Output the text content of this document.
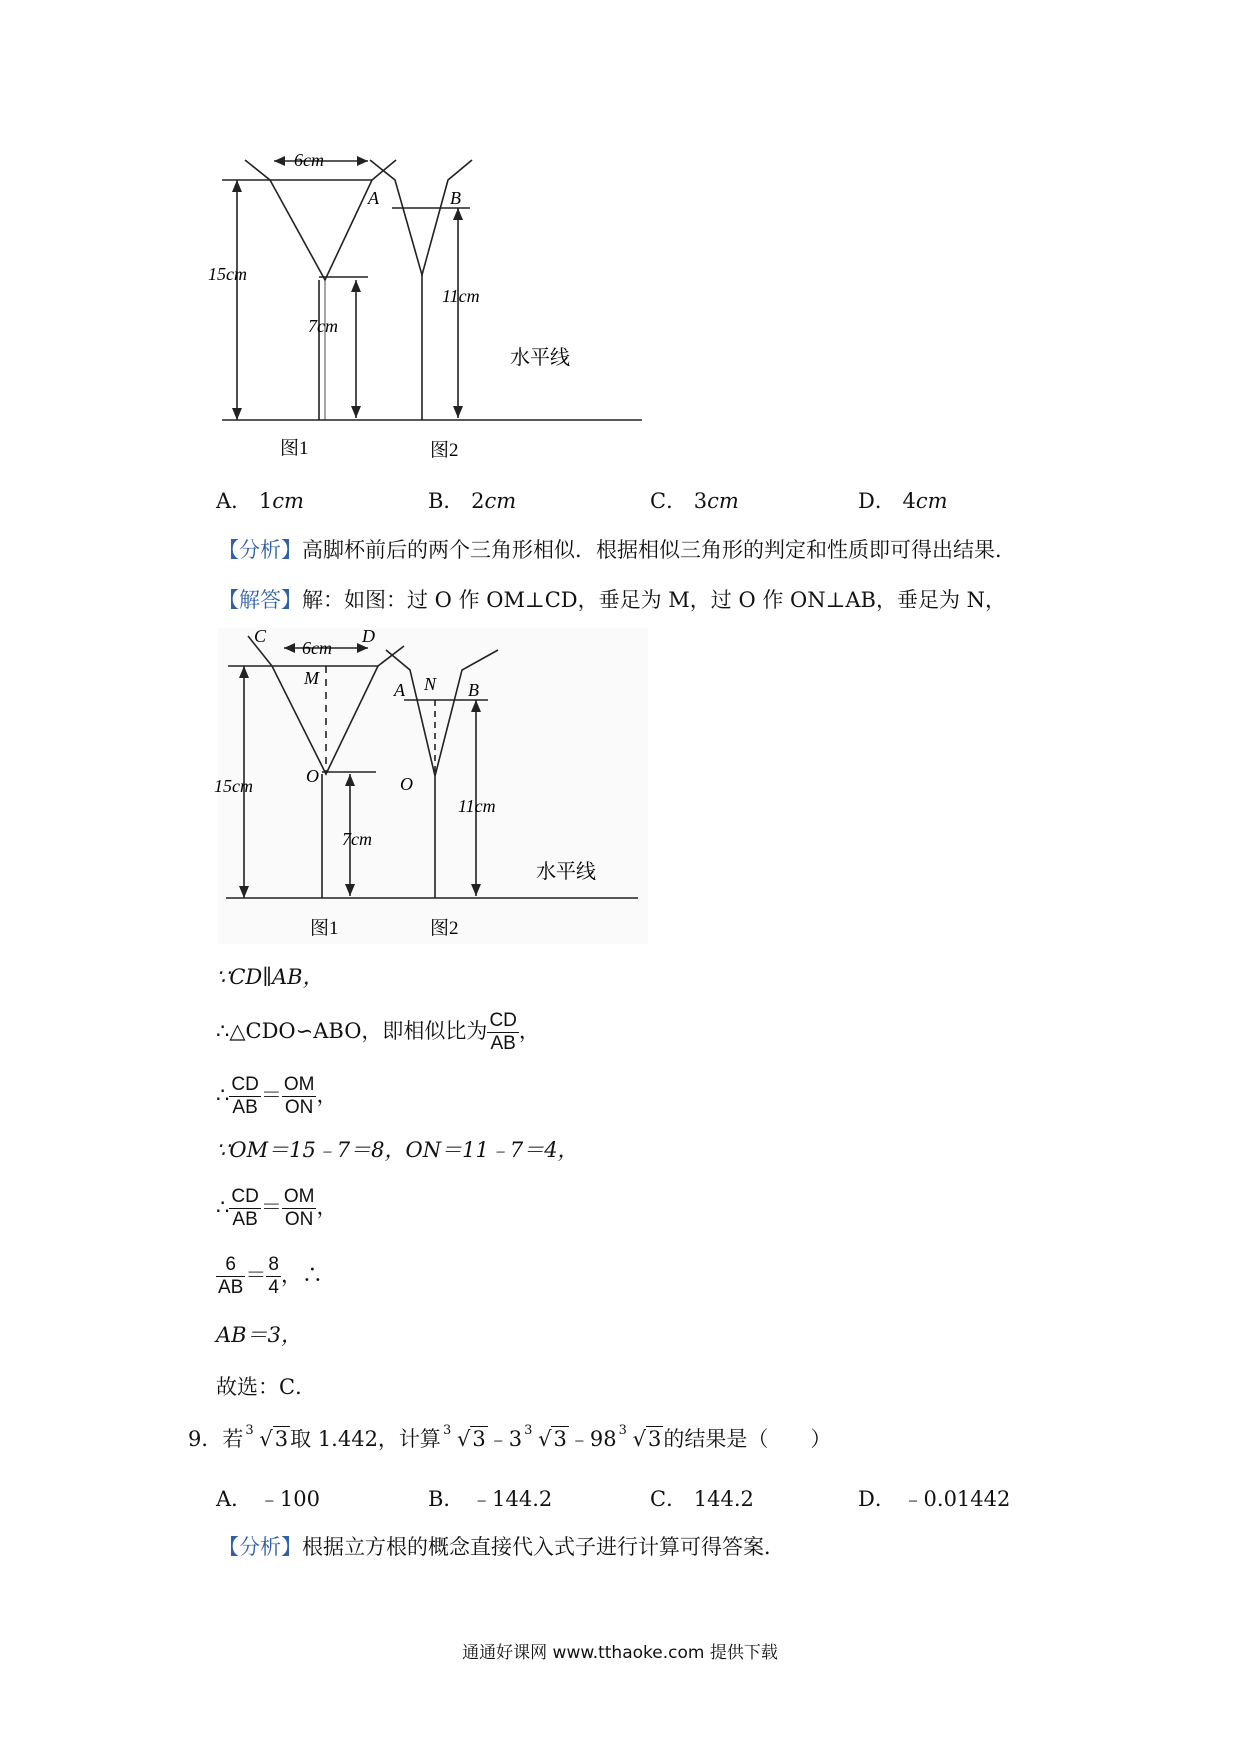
6cm
15cm
7cm
A	B
11cm
水平线
图1	图2
A． 1cm	B． 2cm	C． 3cm	D． 4cm
【分析】高脚杯前后的两个三角形相似．根据相似三角形的判定和性质即可得出结果．
【解答】解：如图：过 O 作 OM⊥CD，垂足为 M，过 O 作 ON⊥AB，垂足为 N，
C
6cm
D
M
O
15cm
7cm
N
A	B
O
11cm
水平线
图1	图2
∵CD∥AB，
∴△CDO∽ABO，即相似比为 $\frac{CD}{AB}$ ，
∴ $\frac{CD}{AB} = \frac{OM}{ON}$ ，
∵OM＝15﹣7＝8，ON＝11﹣7＝4，
∴ $\frac{CD}{AB} = \frac{OM}{ON}$ ，
$\frac{6}{AB} = \frac{8}{4}$ ，∴
AB＝3，
故选：C．
9．若 3 √3取 1.442，计算 3 √3﹣3 3 √3﹣98 3 √3的结果是（　　）
A． ﹣100	B． ﹣144.2	C． 144.2	D． ﹣0.01442
【分析】根据立方根的概念直接代入式子进行计算可得答案．
通通好课网 www.tthaoke.com 提供下载
